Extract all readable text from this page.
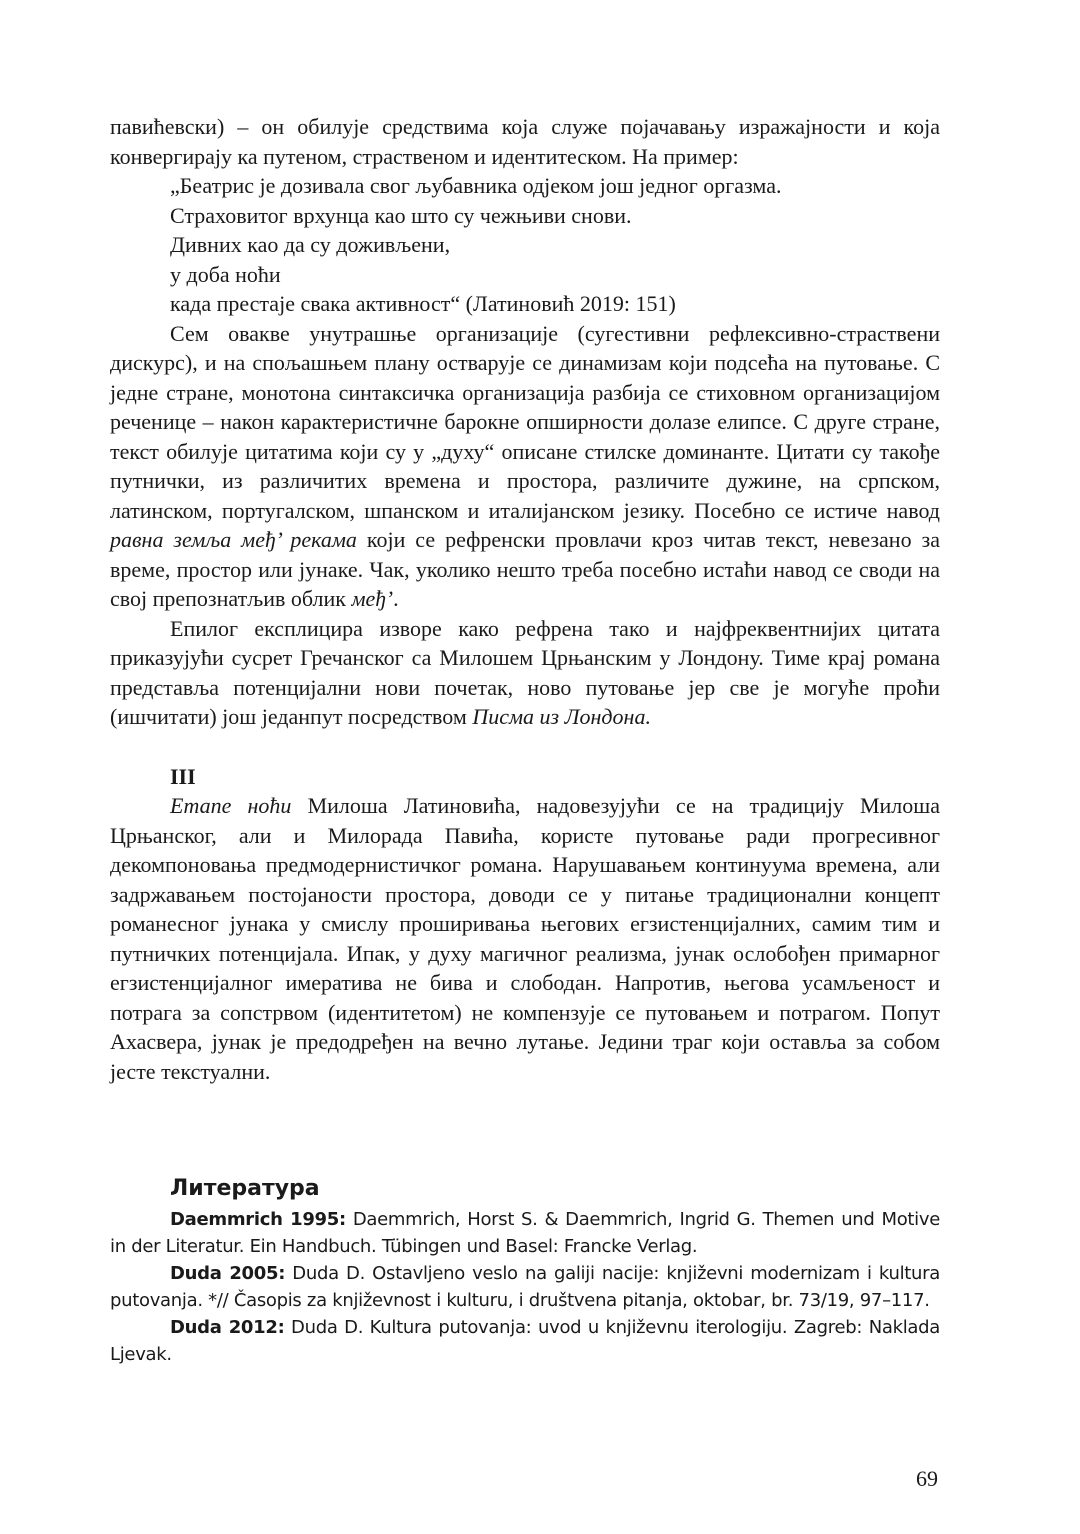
павићевски) – он обилује средствима која служе појачавању изражајности и која конвергирају ка путеном, страственом и идентитеском. На пример:

„Беатрис је дозивала свог љубавника одјеком још једног оргазма.

Страховитог врхунца као што су чежњиви снови.

Дивних као да су доживљени,

у доба ноћи

када престаје свака активност“ (Латиновић 2019: 151)

Сем овакве унутрашње организације (сугестивни рефлексивно-страствени дискурс), и на спољашњем плану остварује се динамизам који подсећа на путовање. С једне стране, монотона синтаксичка организација разбија се стиховном организацијом реченице – након карактеристичне барокне опширности долазе елипсе. С друге стране, текст обилује цитатима који су у „духу“ описане стилске доминанте. Цитати су такође путнички, из различитих времена и простора, различите дужине, на српском, латинском, португалском, шпанском и италијанском језику. Посебно се истиче навод равна земља међ’ рекама који се рефренски провлачи кроз читав текст, невезано за време, простор или јунаке. Чак, уколико нешто треба посебно истаћи навод се своди на свој препознатљив облик међ’.

Епилог експлицира изворе како рефрена тако и најфреквентнијих цитата приказујући сусрет Гречанског са Милошем Црњанским у Лондону. Тиме крај романа представља потенцијални нови почетак, ново путовање јер све је могуће проћи (ишчитати) још једанпут посредством Писма из Лондона.

III

Етапе ноћи Милоша Латиновића, надовезујући се на традицију Милоша Црњанског, али и Милорада Павића, користе путовање ради прогресивног декомпоновања предмодернистичког романа. Нарушавањем континуума времена, али задржавањем постојаности простора, доводи се у питање традиционални концепт романесног јунака у смислу проширивања његових егзистенцијалних, самим тим и путничких потенцијала. Ипак, у духу магичног реализма, јунак ослобођен примарног егзистенцијалног имератива не бива и слободан. Напротив, његова усамљеност и потрага за сопстрвом (идентитетом) не компензује се путовањем и потрагом. Попут Ахасвера, јунак је предодређен на вечно лутање. Једини траг који оставља за собом јесте текстуални.

Литература

Daemmrich 1995: Daemmrich, Horst S. & Daemmrich, Ingrid G. Themen und Motive in der Literatur. Ein Handbuch. Tübingen und Basel: Francke Verlag.

Duda 2005: Duda D. Ostavljeno veslo na galiji nacije: književni modernizam i kultura putovanja. *// Časopis za književnost i kulturu, i društvena pitanja, oktobar, br. 73/19, 97–117.

Duda 2012: Duda D. Kultura putovanja: uvod u književnu iterologiju. Zagreb: Naklada Ljevak.

69
